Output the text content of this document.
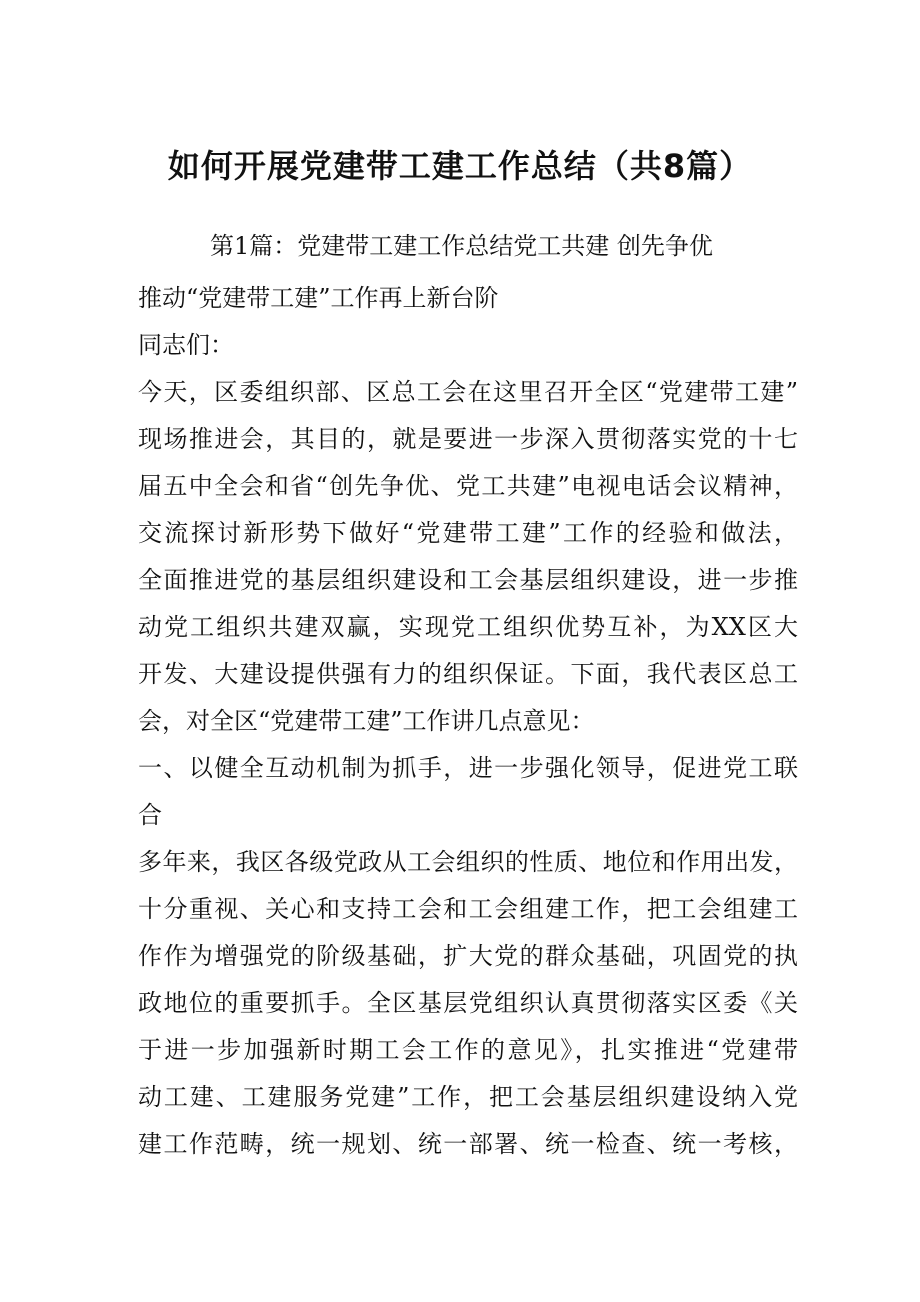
如何开展党建带工建工作总结（共8篇）

第1篇：党建带工建工作总结党工共建 创先争优

推动“党建带工建”工作再上新台阶

同志们：

今天，区委组织部、区总工会在这里召开全区“党建带工建”

现场推进会，其目的，就是要进一步深入贯彻落实党的十七

届五中全会和省“创先争优、党工共建”电视电话会议精神，

交流探讨新形势下做好“党建带工建”工作的经验和做法，

全面推进党的基层组织建设和工会基层组织建设，进一步推

动党工组织共建双赢，实现党工组织优势互补，为XX区大

开发、大建设提供强有力的组织保证。下面，我代表区总工

会，对全区“党建带工建”工作讲几点意见：

一、以健全互动机制为抓手，进一步强化领导，促进党工联

合

多年来，我区各级党政从工会组织的性质、地位和作用出发，

十分重视、关心和支持工会和工会组建工作，把工会组建工

作作为增强党的阶级基础，扩大党的群众基础，巩固党的执

政地位的重要抓手。全区基层党组织认真贯彻落实区委《关

于进一步加强新时期工会工作的意见》，扎实推进“党建带

动工建、工建服务党建”工作，把工会基层组织建设纳入党

建工作范畴，统一规划、统一部署、统一检查、统一考核，
